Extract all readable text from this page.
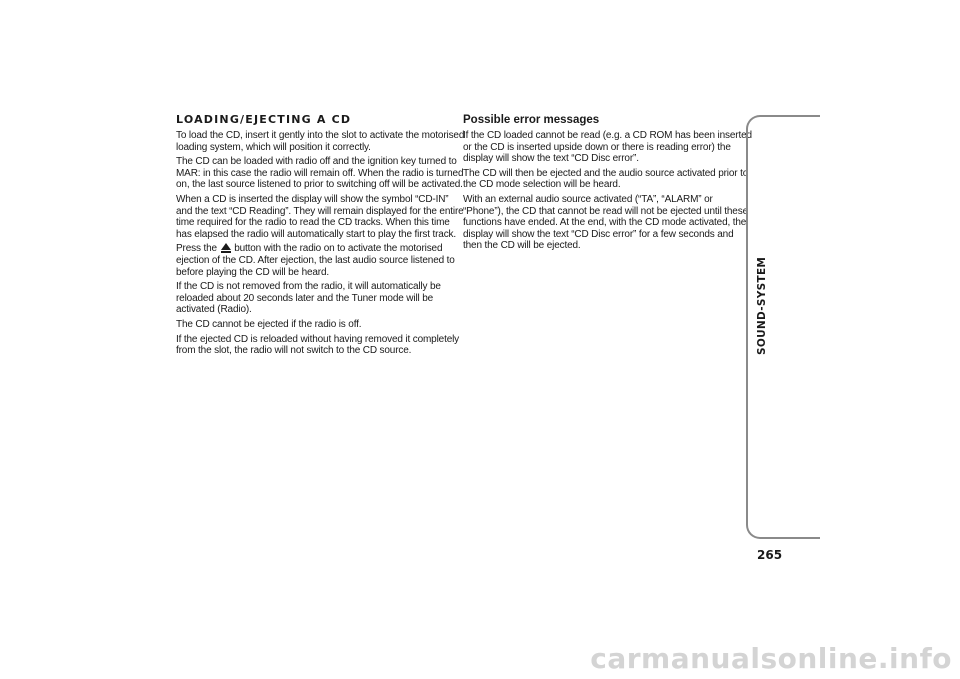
LOADING/EJECTING A CD

To load the CD, insert it gently into the slot to activate the motorised loading system, which will position it correctly.

The CD can be loaded with radio off and the ignition key turned to MAR: in this case the radio will remain off. When the radio is turned on, the last source listened to prior to switching off will be activated.

When a CD is inserted the display will show the symbol “CD-IN” and the text “CD Reading”. They will remain displayed for the entire time required for the radio to read the CD tracks. When this time has elapsed the radio will automatically start to play the first track.

Press the button with the radio on to activate the motorised ejection of the CD. After ejection, the last audio source listened to before playing the CD will be heard.

If the CD is not removed from the radio, it will automatically be reloaded about 20 seconds later and the Tuner mode will be activated (Radio).

The CD cannot be ejected if the radio is off.

If the ejected CD is reloaded without having removed it completely from the slot, the radio will not switch to the CD source.

Possible error messages

If the CD loaded cannot be read (e.g. a CD ROM has been inserted or the CD is inserted upside down or there is reading error) the display will show the text “CD Disc error”.

The CD will then be ejected and the audio source activated prior to the CD mode selection will be heard.

With an external audio source activated (“TA”, “ALARM” or “Phone”), the CD that cannot be read will not be ejected until these functions have ended. At the end, with the CD mode activated, the display will show the text “CD Disc error” for a few seconds and then the CD will be ejected.

SOUND-SYSTEM
265
carmanualsonline.info
